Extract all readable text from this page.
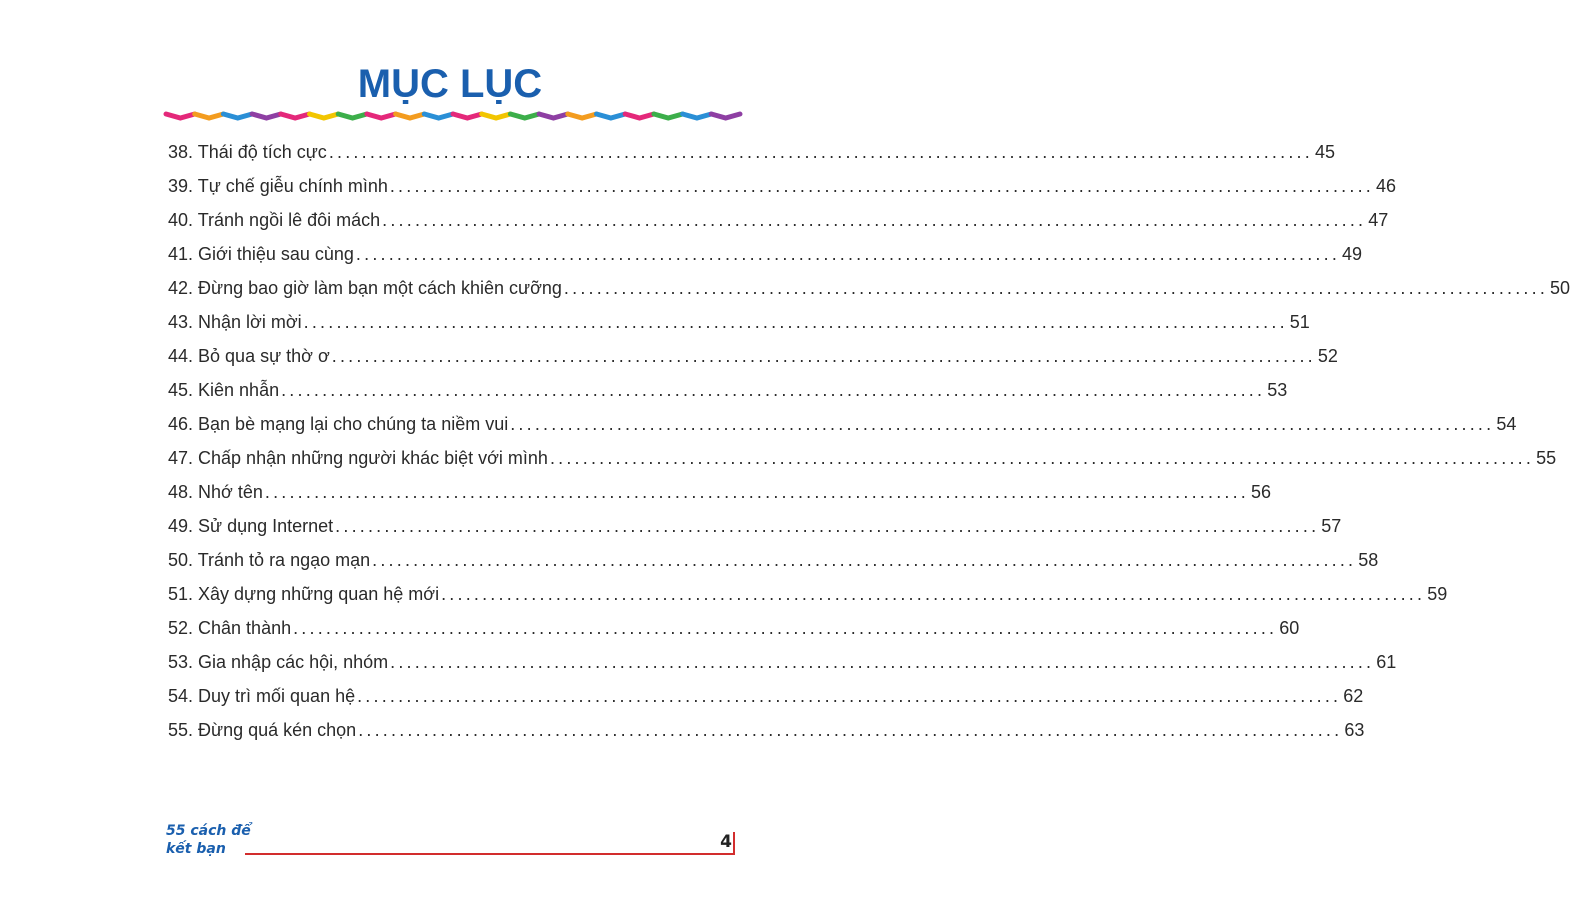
MỤC LỤC
38. Thái độ tích cực ........................................................................................................................ 45
39. Tự chế giễu chính mình ........................................................................................................................ 46
40. Tránh ngồi lê đôi mách ........................................................................................................................ 47
41. Giới thiệu sau cùng ........................................................................................................................ 49
42. Đừng bao giờ làm bạn một cách khiên cưỡng ........................................................................................................................ 50
43. Nhận lời mời ........................................................................................................................ 51
44. Bỏ qua sự thờ ơ ........................................................................................................................ 52
45. Kiên nhẫn ........................................................................................................................ 53
46. Bạn bè mạng lại cho chúng ta niềm vui ........................................................................................................................ 54
47. Chấp nhận những người khác biệt với mình ........................................................................................................................ 55
48. Nhớ tên ........................................................................................................................ 56
49. Sử dụng Internet ........................................................................................................................ 57
50. Tránh tỏ ra ngạo mạn ........................................................................................................................ 58
51. Xây dựng những quan hệ mới ........................................................................................................................ 59
52. Chân thành ........................................................................................................................ 60
53. Gia nhập các hội, nhóm ........................................................................................................................ 61
54. Duy trì mối quan hệ ........................................................................................................................ 62
55. Đừng quá kén chọn ........................................................................................................................ 63
55 cách để
kết bạn	4
